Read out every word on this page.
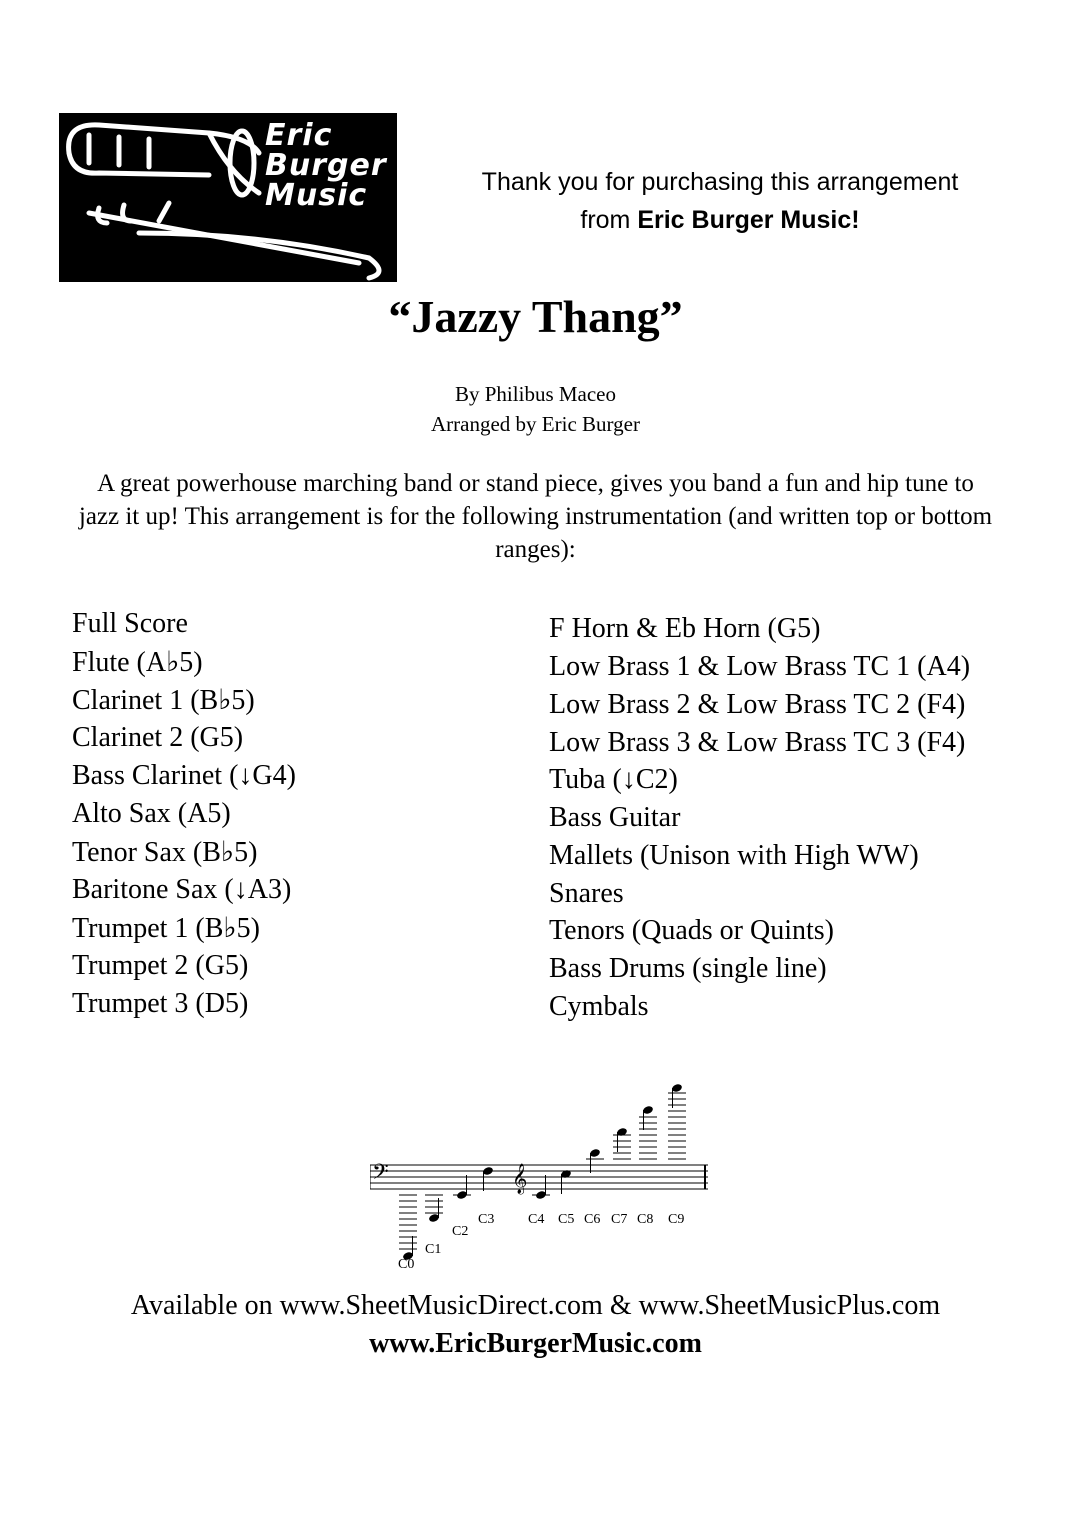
Eric
Burger
Music	Thank you for purchasing this arrangement
from Eric Burger Music!
“Jazzy Thang”
By Philibus Maceo
Arranged by Eric Burger
A great powerhouse marching band or stand piece, gives you band a fun and hip tune to jazz it up! This arrangement is for the following instrumentation (and written top or bottom ranges):
Full Score
Flute (A♭5)
Clarinet 1 (B♭5)
Clarinet 2 (G5)
Bass Clarinet (↓G4)
Alto Sax (A5)
Tenor Sax (B♭5)
Baritone Sax (↓A3)
Trumpet 1 (B♭5)
Trumpet 2 (G5)
Trumpet 3 (D5)
F Horn & Eb Horn (G5)
Low Brass 1 & Low Brass TC 1 (A4)
Low Brass 2 & Low Brass TC 2 (F4)
Low Brass 3 & Low Brass TC 3 (F4)
Tuba (↓C2)
Bass Guitar
Mallets (Unison with High WW)
Snares
Tenors (Quads or Quints)
Bass Drums (single line)
Cymbals
𝄢	𝄞
C0
C1
C2
C3 C4 C5 C6 C7 C8 C9
Available on www.SheetMusicDirect.com & www.SheetMusicPlus.com
www.EricBurgerMusic.com
